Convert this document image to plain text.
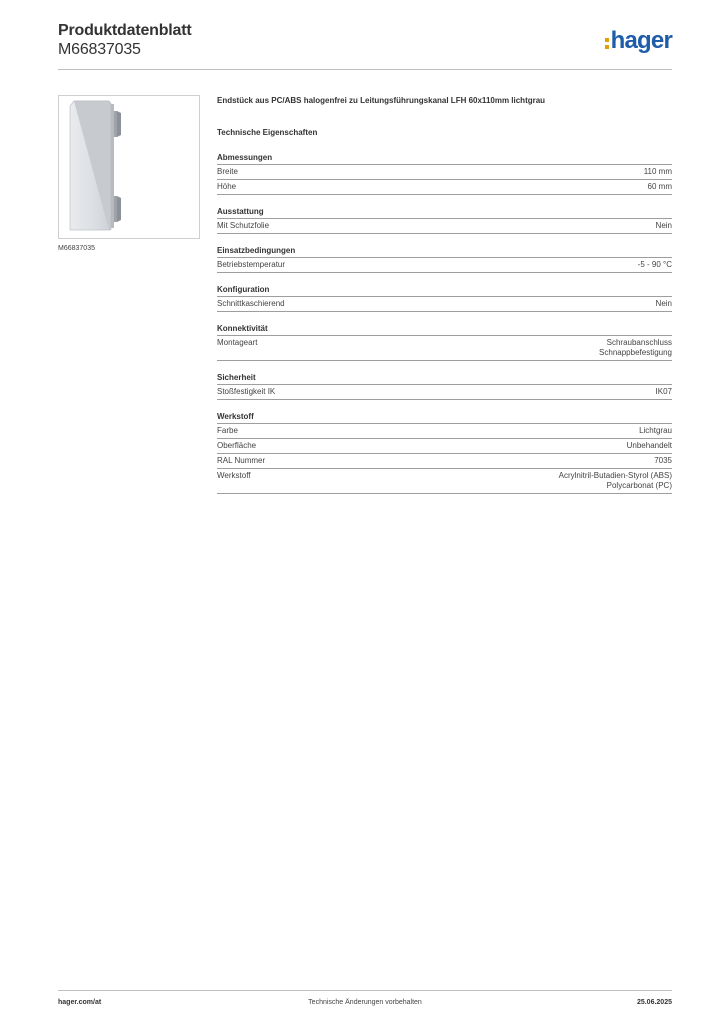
Produktdatenblatt
M66837035	hager
M66837035
Endstück aus PC/ABS halogenfrei zu Leitungsführungskanal LFH 60x110mm lichtgrau
Technische Eigenschaften
Abmessungen
Breite	110 mm
Höhe	60 mm
Ausstattung
Mit Schutzfolie	Nein
Einsatzbedingungen
Betriebstemperatur	-5 - 90 °C
Konfiguration
Schnittkaschierend	Nein
Konnektivität
Montageart	Schraubanschluss
Schnappbefestigung
Sicherheit
Stoßfestigkeit IK	IK07
Werkstoff
Farbe	Lichtgrau
Oberfläche	Unbehandelt
RAL Nummer	7035
Werkstoff	Acrylnitril-Butadien-Styrol (ABS)
Polycarbonat (PC)
hager.com/at	Technische Änderungen vorbehalten	25.06.2025
